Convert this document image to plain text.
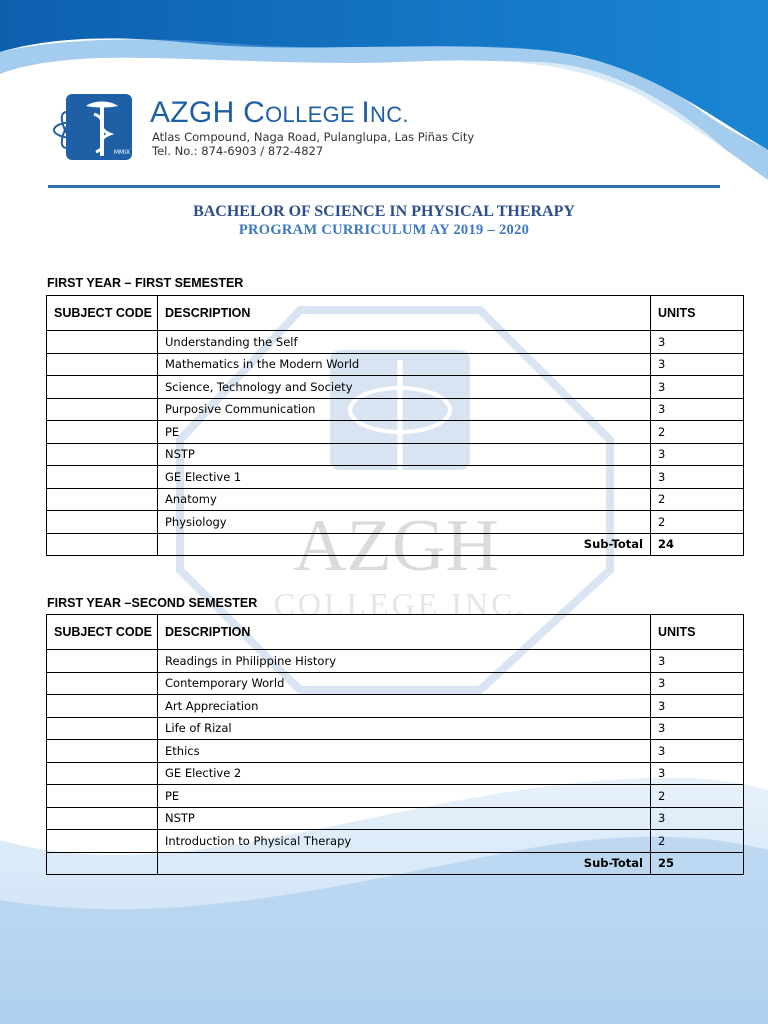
AZGH
COLLEGE INC.
MMIX
AZGH COLLEGE INC.
Atlas Compound, Naga Road, Pulanglupa, Las Piñas City
Tel. No.: 874-6903 / 872-4827
BACHELOR OF SCIENCE IN PHYSICAL THERAPY
PROGRAM CURRICULUM AY 2019 – 2020
FIRST YEAR – FIRST SEMESTER
SUBJECT CODE	DESCRIPTION	UNITS
	Understanding the Self	3
	Mathematics in the Modern World	3
	Science, Technology and Society	3
	Purposive Communication	3
	PE	2
	NSTP	3
	GE Elective 1	3
	Anatomy	2
	Physiology	2
	Sub-Total	24
FIRST YEAR –SECOND SEMESTER
SUBJECT CODE	DESCRIPTION	UNITS
	Readings in Philippine History	3
	Contemporary World	3
	Art Appreciation	3
	Life of Rizal	3
	Ethics	3
	GE Elective 2	3
	PE	2
	NSTP	3
	Introduction to Physical Therapy	2
	Sub-Total	25
